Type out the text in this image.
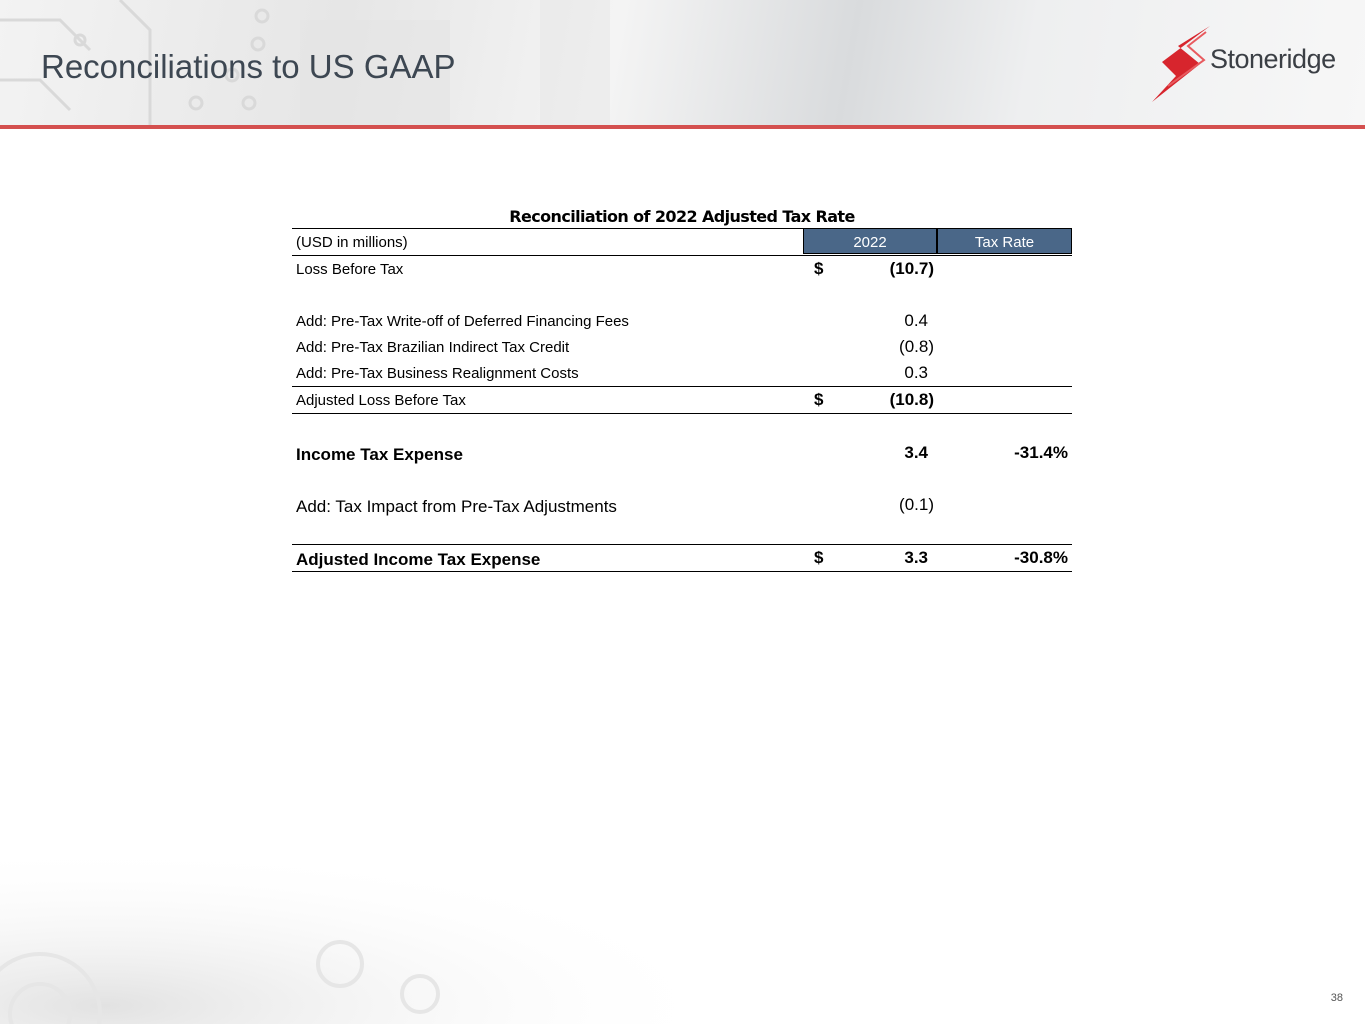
Reconciliations to US GAAP	Stoneridge
Reconciliation of 2022 Adjusted Tax Rate
(USD in millions)	2022	Tax Rate
Loss Before Tax	$	(10.7)
Add: Pre-Tax Write-off of Deferred Financing Fees	0.4
Add: Pre-Tax Brazilian Indirect Tax Credit	(0.8)
Add: Pre-Tax Business Realignment Costs	0.3
Adjusted Loss Before Tax	$	(10.8)
Income Tax Expense	3.4	-31.4%
Add: Tax Impact from Pre-Tax Adjustments	(0.1)
Adjusted Income Tax Expense	$	3.3	-30.8%
38
